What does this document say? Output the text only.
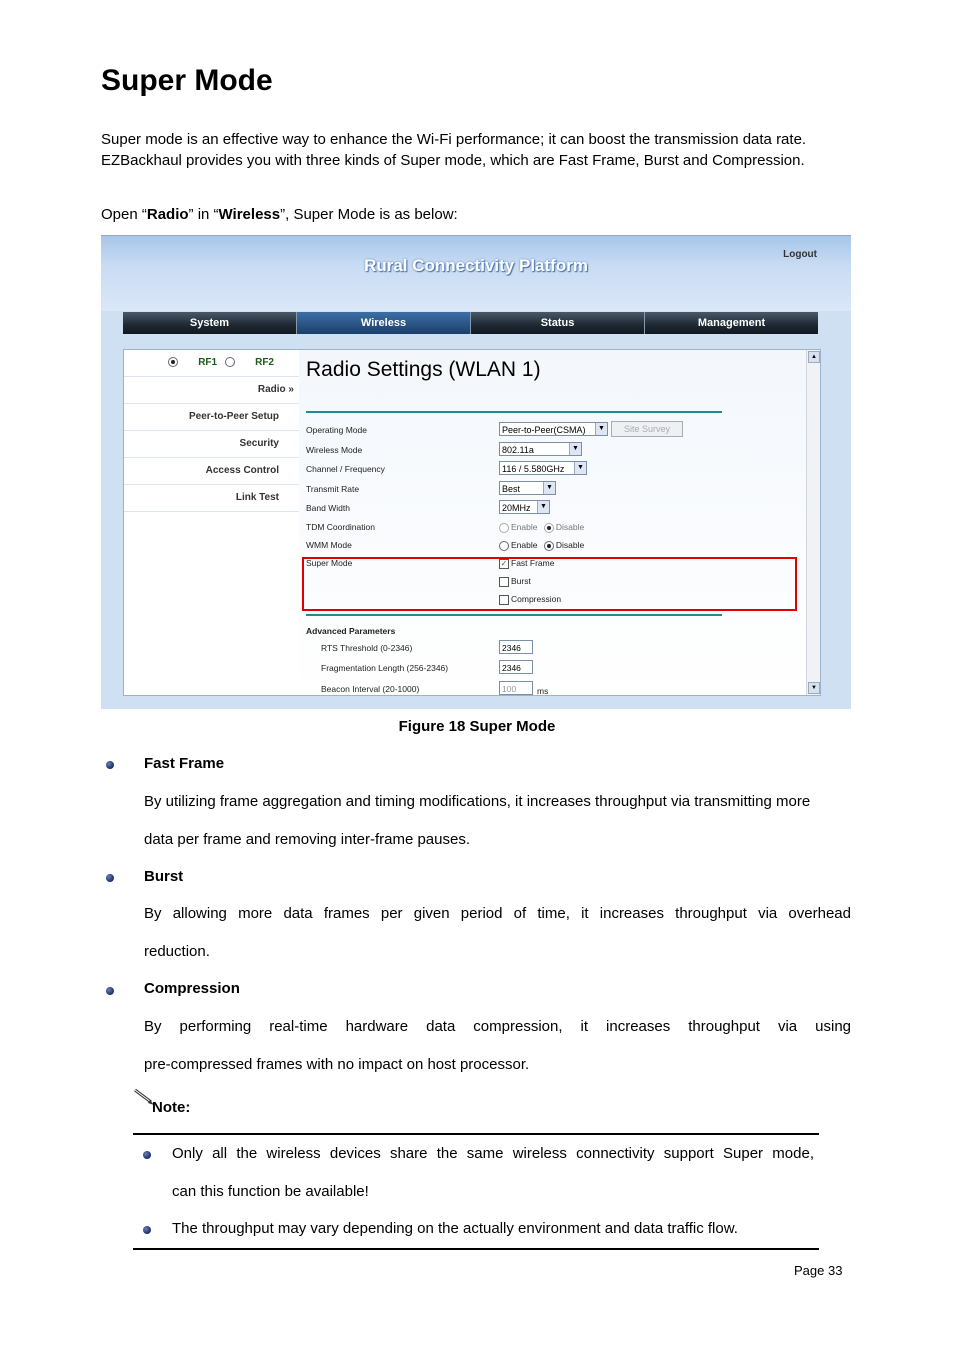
Super Mode
Super mode is an effective way to enhance the Wi-Fi performance; it can boost the transmission data rate.
EZBackhaul provides you with three kinds of Super mode, which are Fast Frame, Burst and Compression.
Open “Radio” in “Wireless”, Super Mode is as below:
Rural Connectivity Platform
Logout
System	Wireless	Status	Management
RF1	RF2
Radio »
Peer-to-Peer Setup
Security
Access Control
Link Test
Radio Settings (WLAN 1)
Operating Mode	Peer-to-Peer(CSMA)	▼	Site Survey
Wireless Mode	802.11a	▼
Channel / Frequency	116 / 5.580GHz	▼
Transmit Rate	Best	▼
Band Width	20MHz	▼
TDM Coordination	Enable Disable
WMM Mode	Enable Disable
Super Mode	✓ Fast Frame
Burst
Compression
Advanced Parameters
RTS Threshold (0-2346)	2346
Fragmentation Length (256-2346)	2346
Beacon Interval (20-1000)	100	ms
▲
▼
Figure 18 Super Mode
Fast Frame
By utilizing frame aggregation and timing modifications, it increases throughput via transmitting more
data per frame and removing inter-frame pauses.
Burst
By allowing more data frames per given period of time, it increases throughput via overhead
reduction.
Compression
By performing real-time hardware data compression, it increases throughput via using
pre-compressed frames with no impact on host processor.
Note:
Only all the wireless devices share the same wireless connectivity support Super mode,
can this function be available!
The throughput may vary depending on the actually environment and data traffic flow.
Page 33
